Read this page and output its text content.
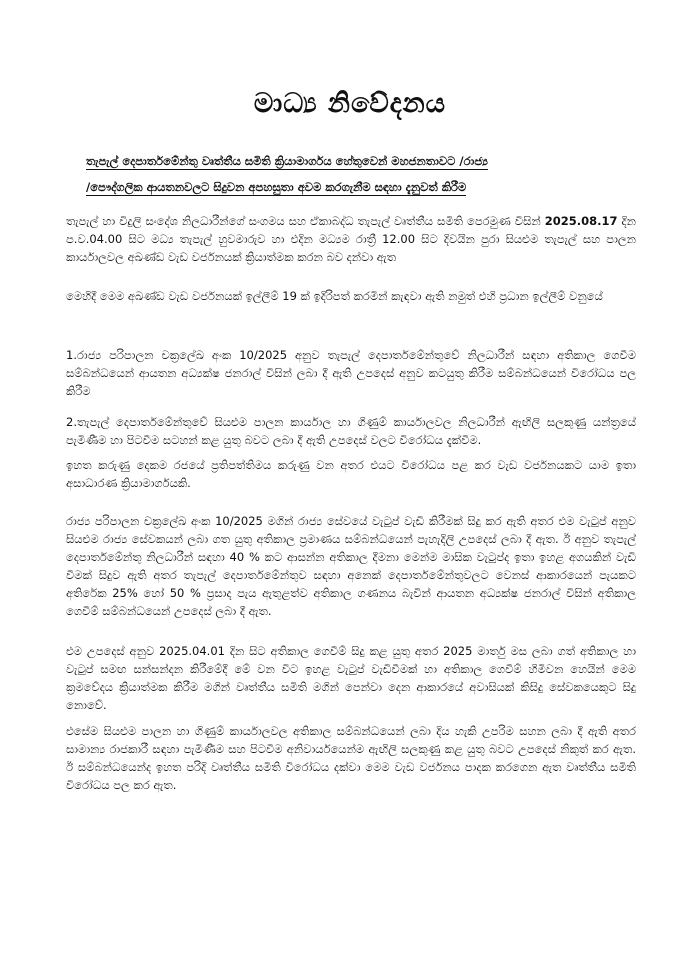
මාධ්‍ය නිවේදනය
තැපැල් දෙපාර්තමේන්තු වෘත්තීය සමිති ක්‍රියාමාර්ගය හේතුවෙන් මහජනතාවට /රාජ්‍ය
/පෞද්ගලික ආයතනවලට සිදුවන අපහසුතා අවම කරගැනීම සඳහා දැනුවත් කිරීම
තැපැල් හා විදුලි සංදේශ නිලධාරීන්ගේ සංගමය සහ ඒකාබද්ධ තැපැල් වෘත්තීය සමිති පෙරමුණ විසින් 2025.08.17 දින ප.ව.04.00 සිට මධ්‍ය තැපැල් හුවමාරුව හා එදින මධ්‍යම රාත්‍රී 12.00 සිට දිවයින පුරා සියළුම තැපැල් සහ පාලන කාර්යාලවල අඛණ්ඩ වැඩ වර්ජනයක් ක්‍රියාත්මක කරන බව දන්වා ඇත
මෙහිදී මෙම අඛණ්ඩ වැඩ වර්ජනයක් ඉල්ලීම් 19 ක් ඉදිරිපත් කරමින් කැඳවා ඇති නමුත් එහි ප්‍රධාන ඉල්ලීම් වනුයේ
1.රාජ්‍ය පරිපාලන චක්‍රලේඛ අංක 10/2025 අනුව තැපැල් දෙපාර්තමේන්තුවේ නිලධාරීන් සඳහා අතිකාල ගෙවීම සම්බන්ධයෙන් ආයතන අධ්‍යක්ෂ ජනරාල් විසින් ලබා දී ඇති උපදෙස් අනුව කටයුතු කිරීම සම්බන්ධයෙන් විරෝධය පල කිරීම
2.තැපැල් දෙපාර්තමේන්තුවේ සියළුම පාලන කාර්යාල හා ගිණුම් කාර්යාලවල නිලධාරීන් ඇඟිලි සලකුණු යන්ත්‍රයේ පැමිණීම හා පිටවීම සටහන් කළ යුතු බවට ලබා දී ඇති උපදෙස් වලට විරෝධය දැක්වීම.
ඉහත කරුණු දෙකම රජයේ ප්‍රතිපත්තිමය කරුණු වන අතර එයට විරෝධය පළ කර වැඩ වර්ජනයකට යාම ඉතා අසාධාරණ ක්‍රියාමාර්ගයකි.
රාජ්‍ය පරිපාලන චක්‍රලේඛ අංක 10/2025 මගින් රාජ්‍ය සේවයේ වැටුප් වැඩි කිරීමක් සිදු කර ඇති අතර එම වැටුප් අනුව සියළුම රාජ්‍ය සේවකයන් ලබා ගත යුතු අතිකාල ප්‍රමාණය සම්බන්ධයෙන් පැහැදිලි උපදෙස් ලබා දී ඇත. ඊ අනුව තැපැල් දෙපාර්තමේන්තු නිලධාරීන් සඳහා 40 % කට ආසන්න අතිකාල දීමනා මෙන්ම මාසික වැටුප්ද ඉතා ඉහළ අගයකින් වැඩි වීමක් සිදුව ඇති අතර තැපැල් දෙපාර්තමේන්තුව සඳහා අනෙක් දෙපාර්තමේන්තුවලට වෙනස් ආකාරයෙන් පැයකට අතිරේක 25% හෝ 50 % ප්‍රසාද පැය ඇතුළත්ව අතිකාල ගණනය බැවින් ආයතන අධ්‍යක්ෂ ජනරාල් විසින් අතිකාල ගෙවීම් සම්බන්ධයෙන් උපදෙස් ලබා දී ඇත.
එම උපදෙස් අනුව 2025.04.01 දින සිට අතිකාල ගෙවීම් සිදු කළ යුතු අතර 2025 මාර්තු මස ලබා ගත් අතිකාල හා වැටුප් සමඟ සන්සන්දන කිරීමේදී මේ වන විට ඉහළ වැටුප් වැඩිවීමක් හා අතිකාල ගෙවීම් හිමිවන හෙයින් මෙම ක්‍රමවේදය ක්‍රියාත්මක කිරීම මගින් වෘත්තීය සමිති මගින් පෙන්වා දෙන ආකාරයේ අවාසියක් කිසිදු සේවකයෙකුට සිදු නොවේ.
එසේම සියළුම පාලන හා ගිණුම් කාර්යාලවල අතිකාල සම්බන්ධයෙන් ලබා දිය හැකි උපරිම සහන ලබා දී ඇති අතර සාමාන්‍ය රාජකාරී සඳහා පැමිණීම සහ පිටවීම අනිවාර්යයෙන්ම ඇඟිලි සලකුණු කළ යුතු බවට උපදෙස් නිකුත් කර ඇත. ඊ සම්බන්ධයෙන්ද ඉහත පරිදි වෘත්තීය සමිති විරෝධය දක්වා මෙම වැඩ වර්ජනය පාදක කරගෙන ඇත වෘත්තීය සමිති විරෝධය පල කර ඇත.
